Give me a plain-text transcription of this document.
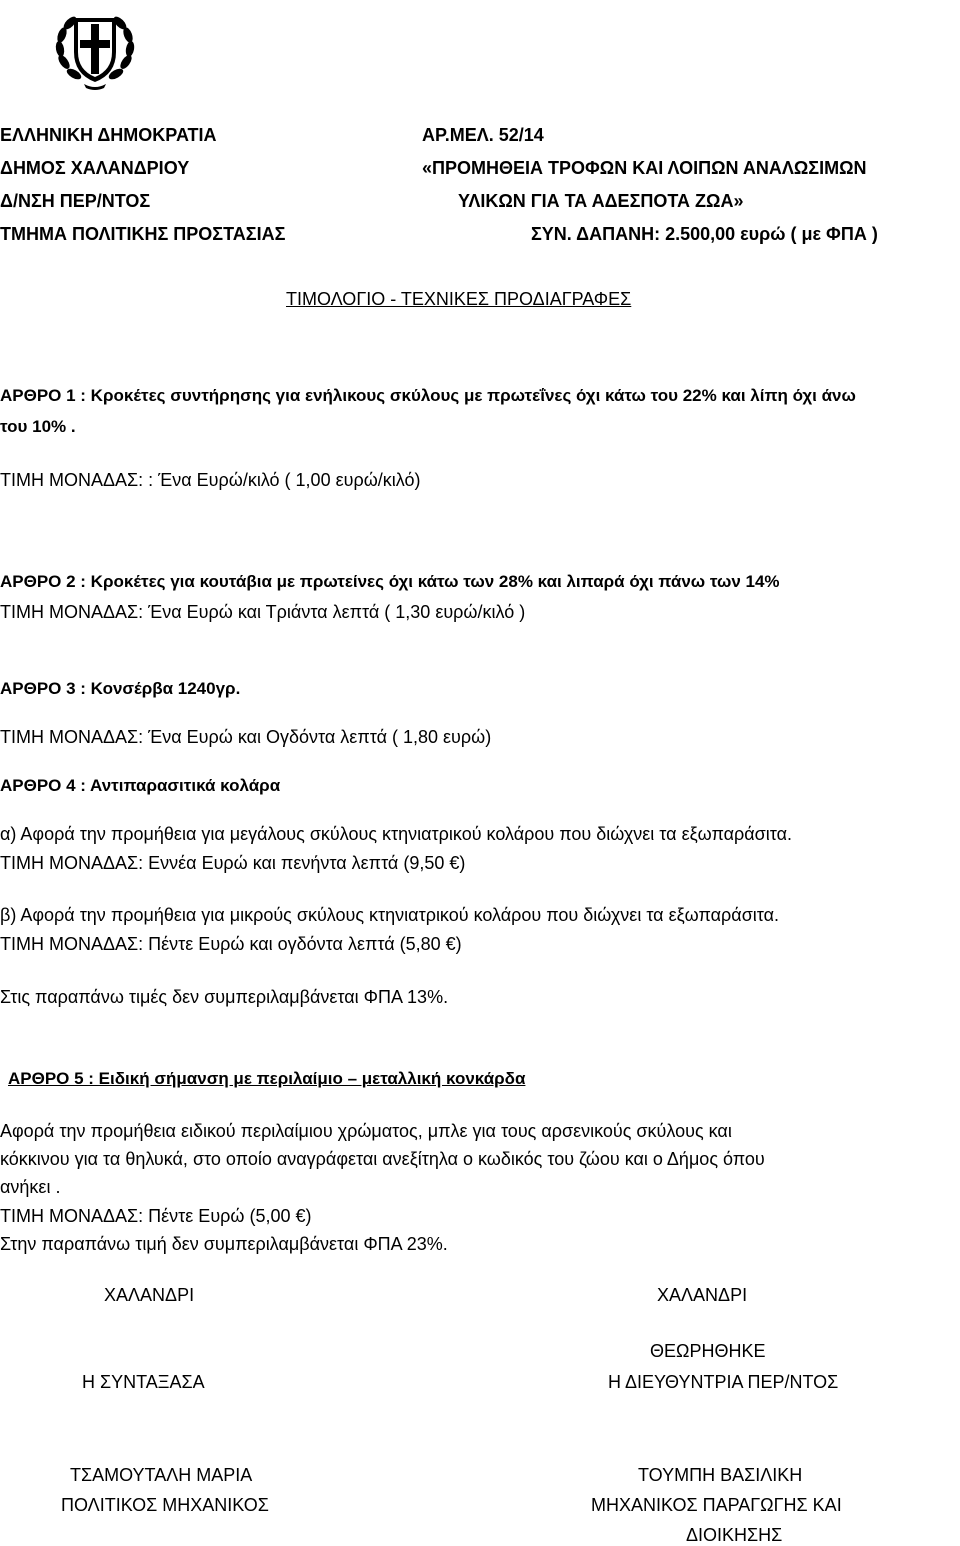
ΕΛΛΗΝΙΚΗ ΔΗΜΟΚΡΑΤΙΑ
ΔΗΜΟΣ ΧΑΛΑΝΔΡΙΟΥ
Δ/ΝΣΗ ΠΕΡ/ΝΤΟΣ
ΤΜΗΜΑ ΠΟΛΙΤΙΚΗΣ ΠΡΟΣΤΑΣΙΑΣ
ΑΡ.ΜΕΛ. 52/14
«ΠΡΟΜΗΘΕΙΑ ΤΡΟΦΩΝ ΚΑΙ ΛΟΙΠΩΝ ΑΝΑΛΩΣΙΜΩΝ
ΥΛΙΚΩΝ ΓΙΑ ΤΑ ΑΔΕΣΠΟΤΑ ΖΩΑ»
ΣΥΝ. ΔΑΠΑΝΗ: 2.500,00 ευρώ ( με ΦΠΑ )
ΤΙΜΟΛΟΓΙΟ - ΤΕΧΝΙΚΕΣ ΠΡΟΔΙΑΓΡΑΦΕΣ
ΑΡΘΡΟ 1 : Κροκέτες συντήρησης για ενήλικους σκύλους με πρωτεΐνες όχι κάτω του 22% και λίπη όχι άνω
του 10% .
ΤΙΜΗ ΜΟΝΑΔΑΣ: : Ένα Ευρώ/κιλό ( 1,00 ευρώ/κιλό)
ΑΡΘΡΟ 2 : Κροκέτες για κουτάβια με πρωτείνες όχι κάτω των 28% και λιπαρά όχι πάνω των 14%
ΤΙΜΗ ΜΟΝΑΔΑΣ: Ένα Ευρώ και Τριάντα λεπτά ( 1,30 ευρώ/κιλό )
ΑΡΘΡΟ 3 : Κονσέρβα 1240γρ.
ΤΙΜΗ ΜΟΝΑΔΑΣ: Ένα Ευρώ και Ογδόντα λεπτά ( 1,80 ευρώ)
ΑΡΘΡΟ 4 : Αντιπαρασιτικά κολάρα
α) Αφορά την προμήθεια για μεγάλους σκύλους κτηνιατρικού κολάρου που διώχνει τα εξωπαράσιτα.
ΤΙΜΗ ΜΟΝΑΔΑΣ: Εννέα Ευρώ και πενήντα λεπτά (9,50 €)
β) Αφορά την προμήθεια για μικρούς σκύλους κτηνιατρικού κολάρου που διώχνει τα εξωπαράσιτα.
ΤΙΜΗ ΜΟΝΑΔΑΣ: Πέντε Ευρώ και ογδόντα λεπτά (5,80 €)
Στις παραπάνω τιμές δεν συμπεριλαμβάνεται ΦΠΑ 13%.
ΑΡΘΡΟ 5 : Ειδική σήμανση με περιλαίμιο – μεταλλική κονκάρδα
Αφορά την προμήθεια ειδικού περιλαίμιου χρώματος, μπλε για τους αρσενικούς σκύλους και
κόκκινου για τα θηλυκά, στο οποίο αναγράφεται ανεξίτηλα ο κωδικός του ζώου και ο Δήμος όπου
ανήκει .
ΤΙΜΗ ΜΟΝΑΔΑΣ: Πέντε Ευρώ (5,00 €)
Στην παραπάνω τιμή δεν συμπεριλαμβάνεται ΦΠΑ 23%.
ΧΑΛΑΝΔΡΙ
Η ΣΥΝΤΑΞΑΣΑ
ΤΣΑΜΟΥΤΑΛΗ ΜΑΡΙΑ
ΠΟΛΙΤΙΚΟΣ ΜΗΧΑΝΙΚΟΣ
ΧΑΛΑΝΔΡΙ
ΘΕΩΡΗΘΗΚΕ
Η ΔΙΕΥΘΥΝΤΡΙΑ ΠΕΡ/ΝΤΟΣ
ΤΟΥΜΠΗ ΒΑΣΙΛΙΚΗ
ΜΗΧΑΝΙΚΟΣ ΠΑΡΑΓΩΓΗΣ ΚΑΙ
ΔΙΟΙΚΗΣΗΣ
